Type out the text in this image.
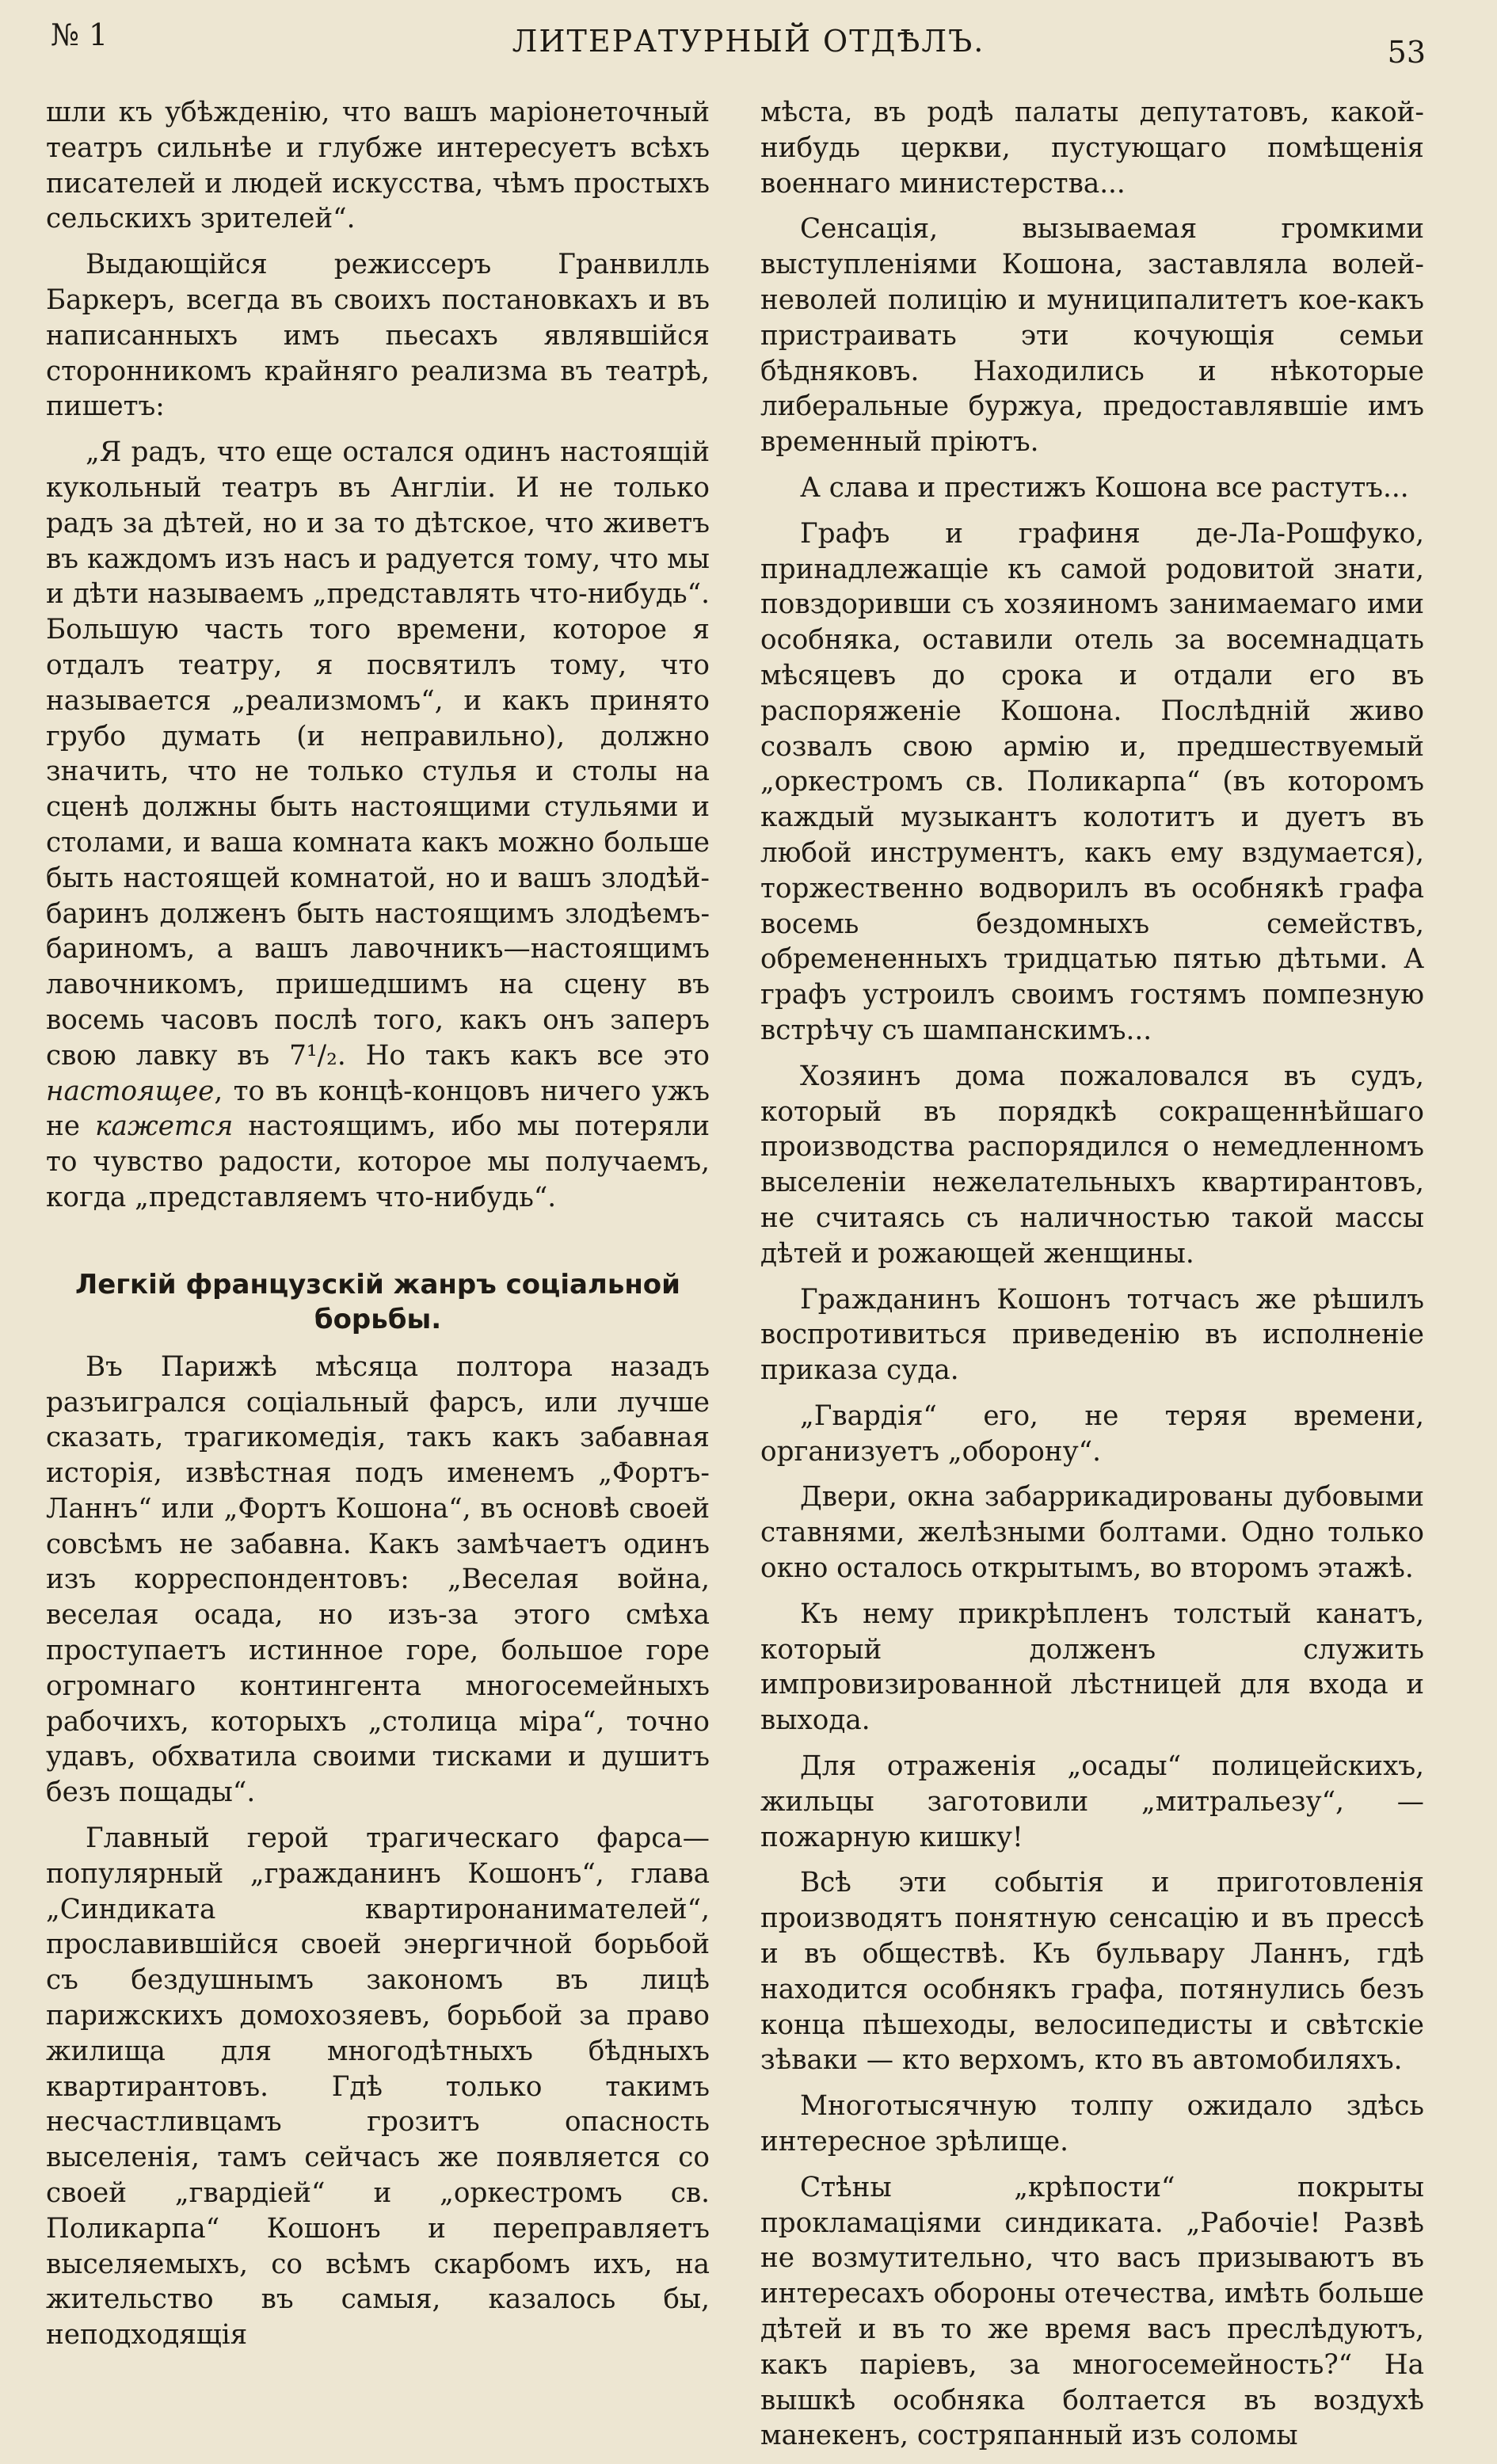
№ 1	ЛИТЕРАТУРНЫЙ ОТДѢЛЪ.	53

шли къ убѣжденію, что вашъ маріонеточный театръ сильнѣе и глубже интересуетъ всѣхъ писателей и людей искусства, чѣмъ простыхъ сельскихъ зрителей“.

Выдающійся режиссеръ Гранвилль Баркеръ, всегда въ своихъ постановкахъ и въ написанныхъ имъ пьесахъ являвшійся сторонникомъ крайняго реализма въ театрѣ, пишетъ:

„Я радъ, что еще остался одинъ настоящій кукольный театръ въ Англіи. И не только радъ за дѣтей, но и за то дѣтское, что живетъ въ каждомъ изъ насъ и радуется тому, что мы и дѣти называемъ „представлять что-нибудь“. Большую часть того времени, которое я отдалъ театру, я посвятилъ тому, что называется „реализмомъ“, и какъ принято грубо думать (и неправильно), должно значить, что не только стулья и столы на сценѣ должны быть настоящими стульями и столами, и ваша комната какъ можно больше быть настоящей комнатой, но и вашъ злодѣй-баринъ долженъ быть настоящимъ злодѣемъ-бариномъ, а вашъ лавочникъ—настоящимъ лавочникомъ, пришедшимъ на сцену въ восемь часовъ послѣ того, какъ онъ заперъ свою лавку въ 7¹/₂. Но такъ какъ все это настоящее, то въ концѣ-концовъ ничего ужъ не кажется настоящимъ, ибо мы потеряли то чувство радости, которое мы получаемъ, когда „представляемъ что-нибудь“.

Легкій французскій жанръ соціальной
борьбы.

Въ Парижѣ мѣсяца полтора назадъ разъигрался соціальный фарсъ, или лучше сказать, трагикомедія, такъ какъ забавная исторія, извѣстная подъ именемъ „Фортъ-Ланнъ“ или „Фортъ Кошона“, въ основѣ своей совсѣмъ не забавна. Какъ замѣчаетъ одинъ изъ корреспондентовъ: „Веселая война, веселая осада, но изъ-за этого смѣха проступаетъ истинное горе, большое горе огромнаго контингента многосемейныхъ рабочихъ, которыхъ „столица міра“, точно удавъ, обхватила своими тисками и душитъ безъ пощады“.

Главный герой трагическаго фарса—популярный „гражданинъ Кошонъ“, глава „Синдиката квартиронанимателей“, прославившійся своей энергичной борьбой съ бездушнымъ закономъ въ лицѣ парижскихъ домохозяевъ, борьбой за право жилища для многодѣтныхъ бѣдныхъ квартирантовъ. Гдѣ только такимъ несчастливцамъ грозитъ опасность выселенія, тамъ сейчасъ же появляется со своей „гвардіей“ и „оркестромъ св. Поликарпа“ Кошонъ и переправляетъ выселяемыхъ, со всѣмъ скарбомъ ихъ, на жительство въ самыя, казалось бы, неподходящія

мѣста, въ родѣ палаты депутатовъ, какой-нибудь церкви, пустующаго помѣщенія военнаго министерства...

Сенсація, вызываемая громкими выступленіями Кошона, заставляла волей-неволей полицію и муниципалитетъ кое-какъ пристраивать эти кочующія семьи бѣдняковъ. Находились и нѣкоторые либеральные буржуа, предоставлявшіе имъ временный пріютъ.

А слава и престижъ Кошона все растутъ...

Графъ и графиня де-Ла-Рошфуко, принадлежащіе къ самой родовитой знати, повздоривши съ хозяиномъ занимаемаго ими особняка, оставили отель за восемнадцать мѣсяцевъ до срока и отдали его въ распоряженіе Кошона. Послѣдній живо созвалъ свою армію и, предшествуемый „оркестромъ св. Поликарпа“ (въ которомъ каждый музыкантъ колотитъ и дуетъ въ любой инструментъ, какъ ему вздумается), торжественно водворилъ въ особнякѣ графа восемь бездомныхъ семействъ, обремененныхъ тридцатью пятью дѣтьми. А графъ устроилъ своимъ гостямъ помпезную встрѣчу съ шампанскимъ...

Хозяинъ дома пожаловался въ судъ, который въ порядкѣ сокращеннѣйшаго производства распорядился о немедленномъ выселеніи нежелательныхъ квартирантовъ, не считаясь съ наличностью такой массы дѣтей и рожающей женщины.

Гражданинъ Кошонъ тотчасъ же рѣшилъ воспротивиться приведенію въ исполненіе приказа суда.

„Гвардія“ его, не теряя времени, организуетъ „оборону“.

Двери, окна забаррикадированы дубовыми ставнями, желѣзными болтами. Одно только окно осталось открытымъ, во второмъ этажѣ.

Къ нему прикрѣпленъ толстый канатъ, который долженъ служить импровизированной лѣстницей для входа и выхода.

Для отраженія „осады“ полицейскихъ, жильцы заготовили „митральезу“, — пожарную кишку!

Всѣ эти событія и приготовленія производятъ понятную сенсацію и въ прессѣ и въ обществѣ. Къ бульвару Ланнъ, гдѣ находится особнякъ графа, потянулись безъ конца пѣшеходы, велосипедисты и свѣтскіе зѣваки — кто верхомъ, кто въ автомобиляхъ.

Многотысячную толпу ожидало здѣсь интересное зрѣлище.

Стѣны „крѣпости“ покрыты прокламаціями синдиката. „Рабочіе! Развѣ не возмутительно, что васъ призываютъ въ интересахъ обороны отечества, имѣть больше дѣтей и въ то же время васъ преслѣдуютъ, какъ паріевъ, за многосемейность?“ На вышкѣ особняка болтается въ воздухѣ манекенъ, состряпанный изъ соломы
